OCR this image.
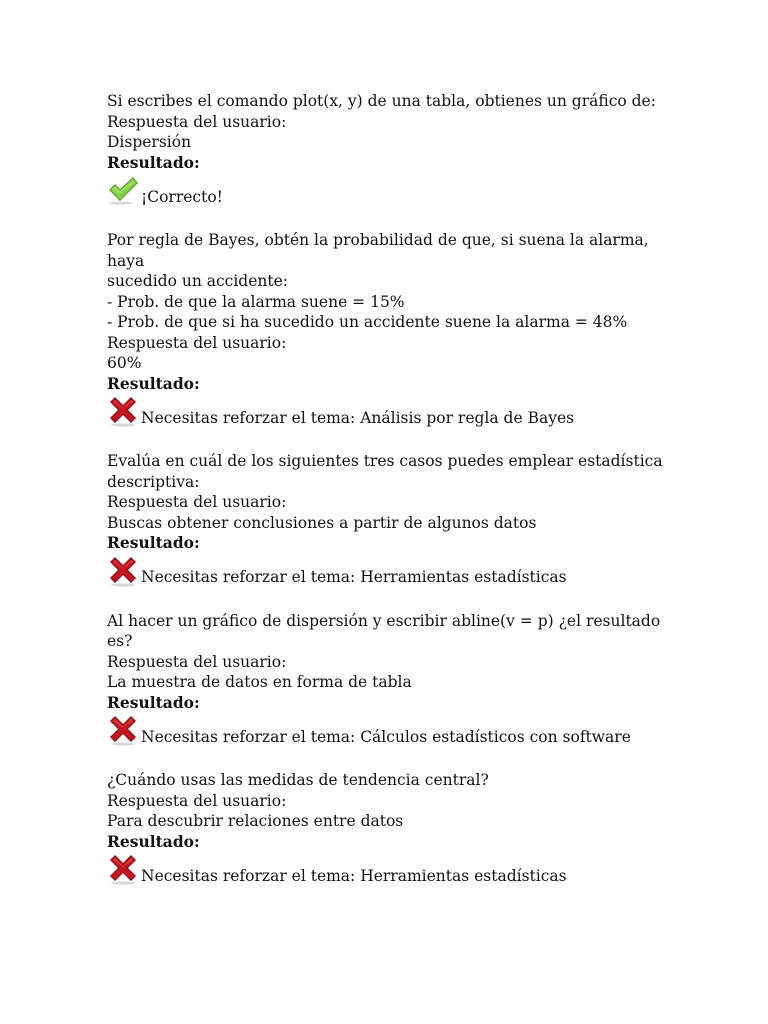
Si escribes el comando plot(x, y) de una tabla, obtienes un gráfico de:
Respuesta del usuario:
Dispersión
Resultado:
¡Correcto!
Por regla de Bayes, obtén la probabilidad de que, si suena la alarma, haya
sucedido un accidente:
- Prob. de que la alarma suene = 15%
- Prob. de que si ha sucedido un accidente suene la alarma = 48%
Respuesta del usuario:
60%
Resultado:
Necesitas reforzar el tema: Análisis por regla de Bayes
Evalúa en cuál de los siguientes tres casos puedes emplear estadística
descriptiva:
Respuesta del usuario:
Buscas obtener conclusiones a partir de algunos datos
Resultado:
Necesitas reforzar el tema: Herramientas estadísticas
Al hacer un gráfico de dispersión y escribir abline(v = p) ¿el resultado es?
Respuesta del usuario:
La muestra de datos en forma de tabla
Resultado:
Necesitas reforzar el tema: Cálculos estadísticos con software
¿Cuándo usas las medidas de tendencia central?
Respuesta del usuario:
Para descubrir relaciones entre datos
Resultado:
Necesitas reforzar el tema: Herramientas estadísticas
